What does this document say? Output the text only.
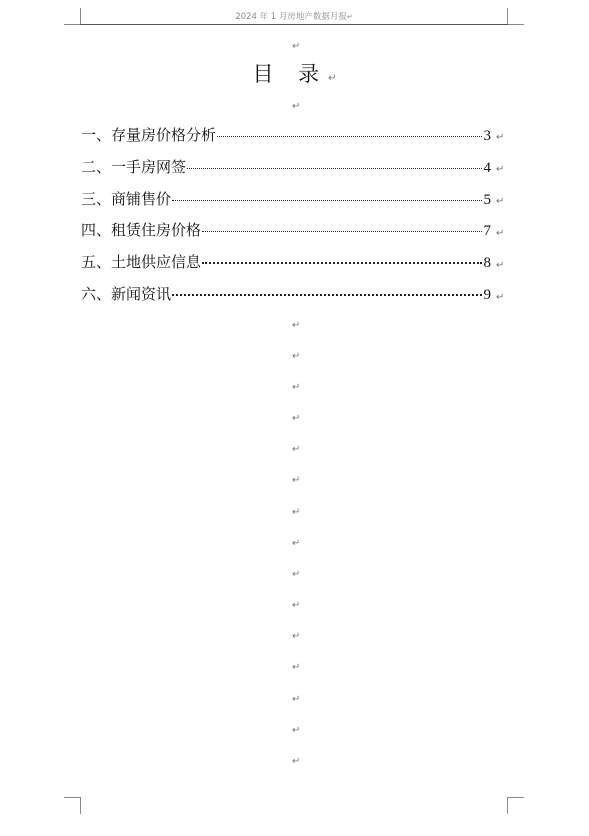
2024 年 1 月房地产数据月报↵
↵
目 录↵
↵
一、存量房价格分析	3
二、一手房网签	4
三、商铺售价	5
四、租赁住房价格	7
五、土地供应信息	8
六、新闻资讯	9
↵
↵
↵
↵
↵
↵
↵
↵
↵
↵
↵
↵
↵
↵
↵
↵
↵
↵
↵
↵
↵
